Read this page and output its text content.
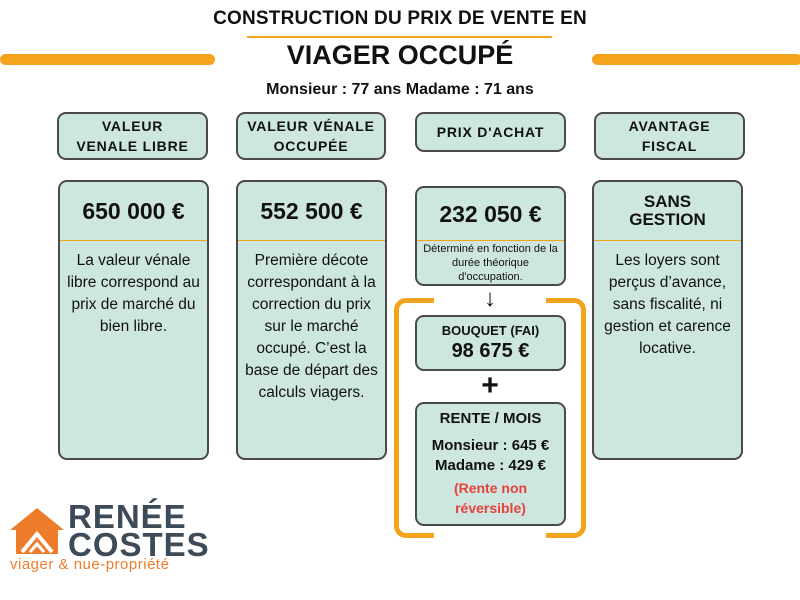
CONSTRUCTION DU PRIX DE VENTE EN
VIAGER OCCUPÉ
Monsieur : 77 ans Madame : 71 ans
VALEUR VENALE LIBRE
VALEUR VÉNALE OCCUPÉE
PRIX D'ACHAT	AVANTAGE FISCAL
650 000 €
La valeur vénale libre correspond au prix de marché du bien libre.
552 500 €
Première décote correspondant à la correction du prix sur le marché occupé. C’est la base de départ des calculs viagers.
SANS GESTION
Les loyers sont perçus d’avance, sans fiscalité, ni gestion et carence locative.
232 050 €
Déterminé en fonction de la durée théorique d'occupation.
↓
BOUQUET (FAI)
98 675 €
+
RENTE / MOIS
Monsieur : 645 €
Madame : 429 €
(Rente non réversible)
RENÉE
COSTES
viager & nue-propriété
